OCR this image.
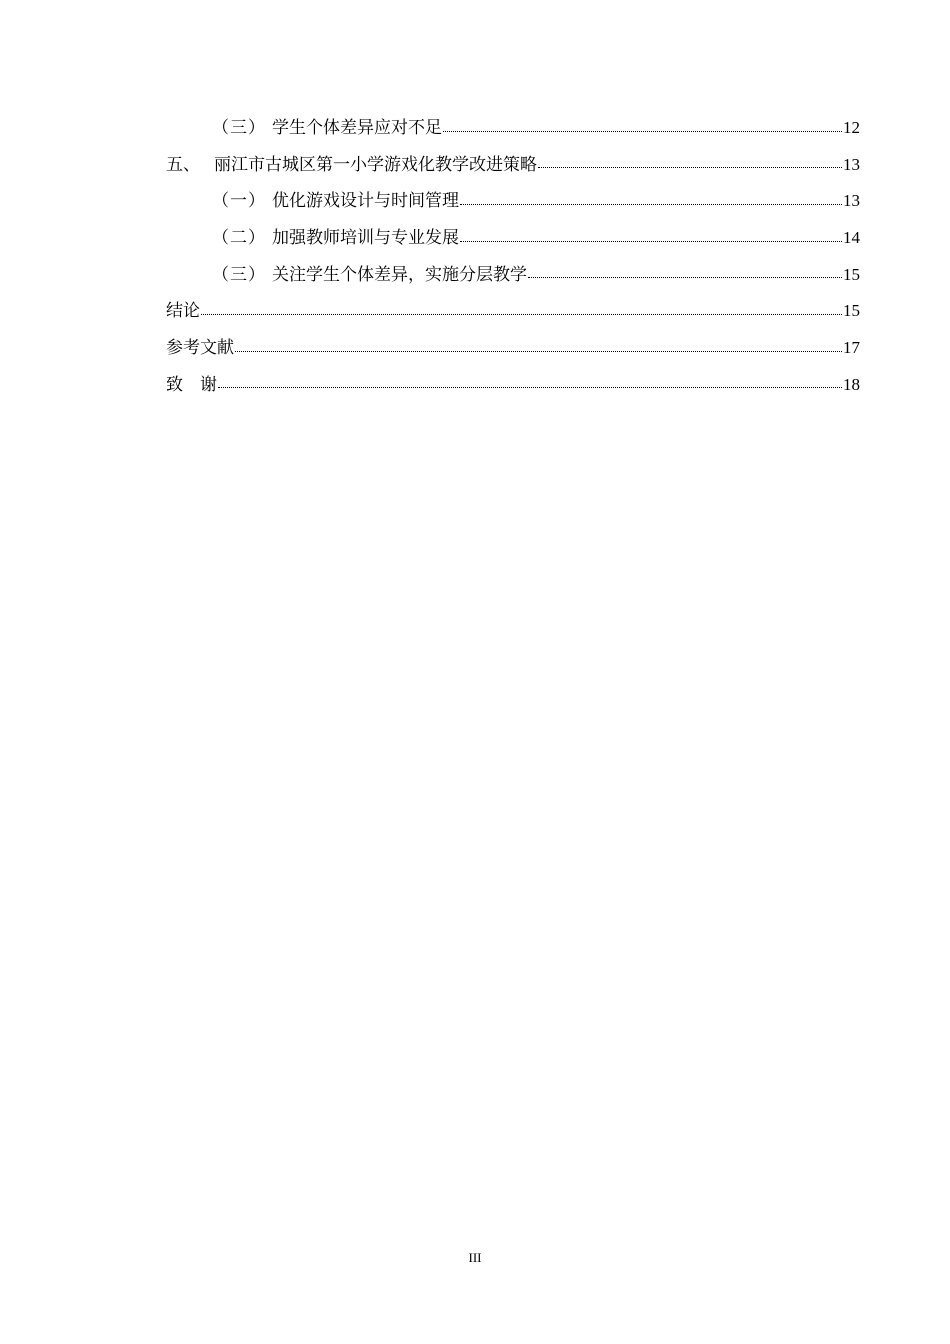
（三） 学生个体差异应对不足	12
五、 丽江市古城区第一小学游戏化教学改进策略	13
（一） 优化游戏设计与时间管理	13
（二） 加强教师培训与专业发展	14
（三） 关注学生个体差异，实施分层教学	15
结论	15
参考文献	17
致 谢	18
III
